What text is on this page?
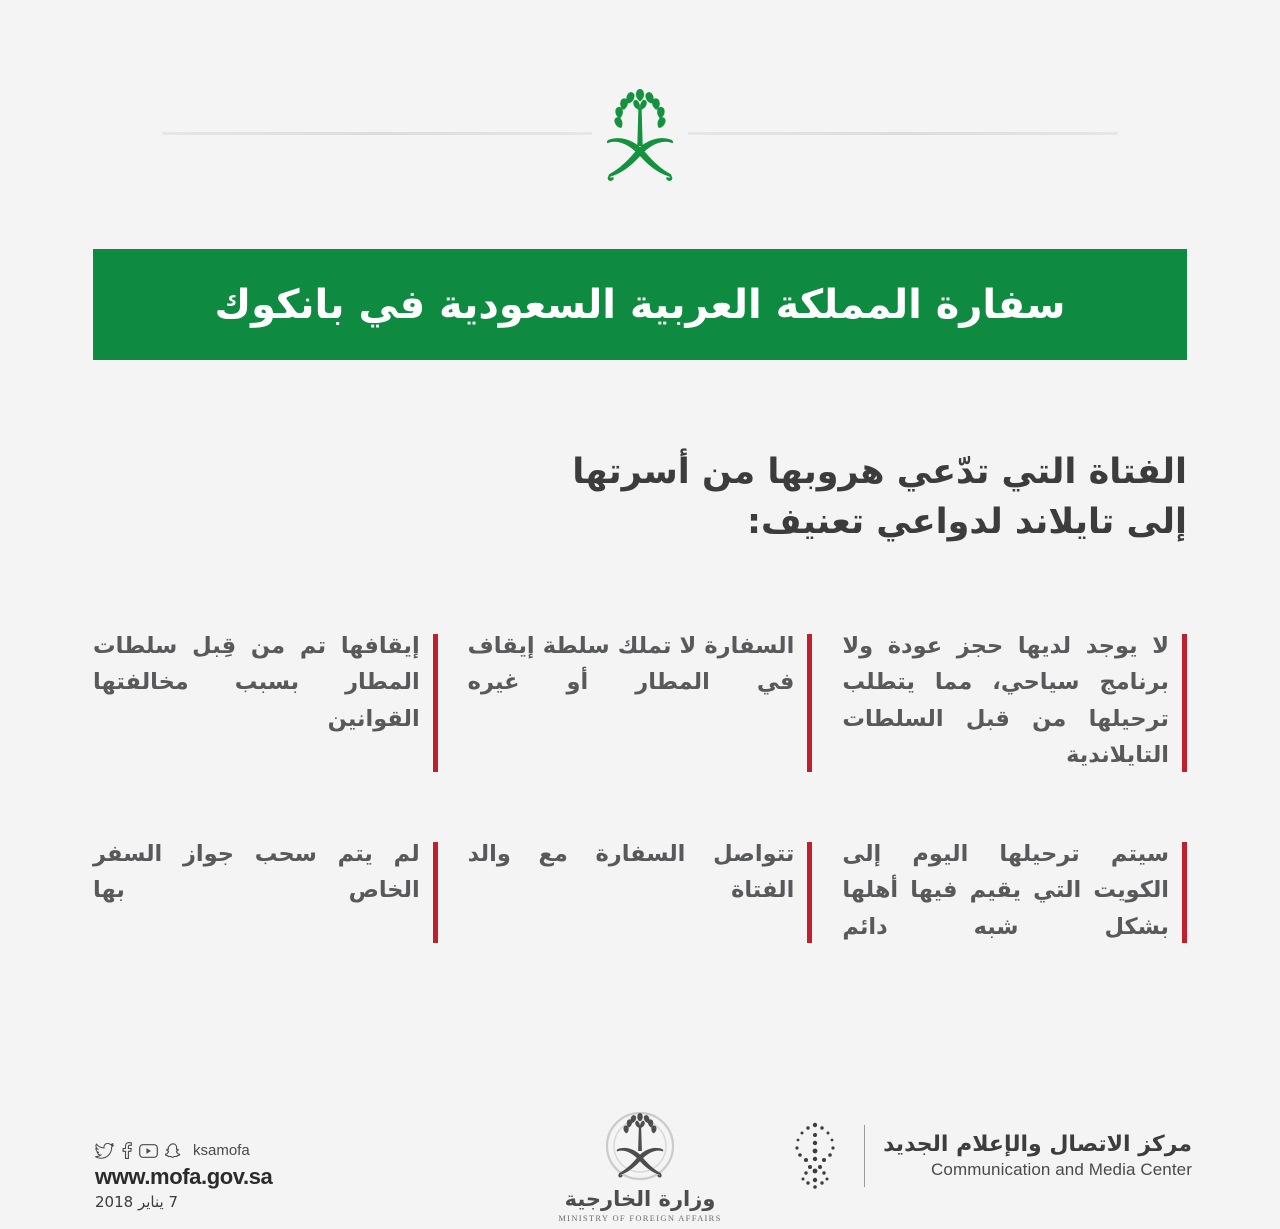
سفارة المملكة العربية السعودية في بانكوك
الفتاة التي تدّعي هروبها من أسرتها
إلى تايلاند لدواعي تعنيف:
لا يوجد لديها حجز عودة ولا برنامج سياحي، مما يتطلب ترحيلها من قبل السلطات التايلاندية
السفارة لا تملك سلطة إيقاف في المطار أو غيره
إيقافها تم من قِبل سلطات المطار بسبب مخالفتها القوانين
سيتم ترحيلها اليوم إلى الكويت التي يقيم فيها أهلها بشكل شبه دائم
تتواصل السفارة مع والد الفتاة
لم يتم سحب جواز السفر الخاص بها
ksamofa
www.mofa.gov.sa
7 يناير 2018	وزارة الخارجية
MINISTRY OF FOREIGN AFFAIRS
مركز الاتصال والإعلام الجديد
Communication and Media Center
